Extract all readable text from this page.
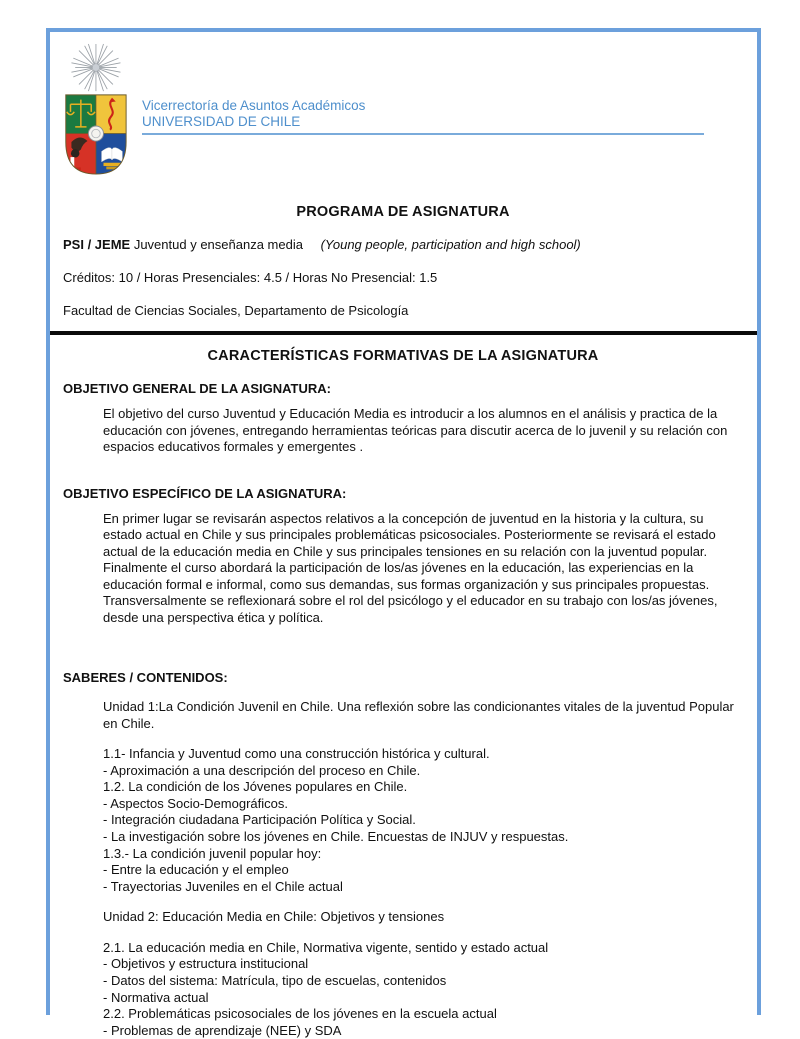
Vicerrectoría de Asuntos Académicos
UNIVERSIDAD DE CHILE
PROGRAMA DE ASIGNATURA
PSI / JEME Juventud y enseñanza media (Young people, participation and high school)
Créditos: 10 / Horas Presenciales: 4.5 / Horas No Presencial: 1.5
Facultad de Ciencias Sociales, Departamento de Psicología
CARACTERÍSTICAS FORMATIVAS DE LA ASIGNATURA
OBJETIVO GENERAL DE LA ASIGNATURA:
El objetivo del curso Juventud y Educación Media es introducir a los alumnos en el análisis y practica de la educación con jóvenes, entregando herramientas teóricas para discutir acerca de lo juvenil y su relación con espacios educativos formales y emergentes .
OBJETIVO ESPECÍFICO DE LA ASIGNATURA:
En primer lugar se revisarán aspectos relativos a la concepción de juventud en la historia y la cultura, su estado actual en Chile y sus principales problemáticas psicosociales. Posteriormente se revisará el estado actual de la educación media en Chile y sus principales tensiones en su relación con la juventud popular. Finalmente el curso abordará la participación de los/as jóvenes en la educación, las experiencias en la educación formal e informal, como sus demandas, sus formas organización y sus principales propuestas. Transversalmente se reflexionará sobre el rol del psicólogo y el educador en su trabajo con los/as jóvenes, desde una perspectiva ética y política.
SABERES / CONTENIDOS:
Unidad 1:La Condición Juvenil en Chile. Una reflexión sobre las condicionantes vitales de la juventud Popular en Chile.
1.1- Infancia y Juventud como una construcción histórica y cultural.
- Aproximación a una descripción del proceso en Chile.
1.2. La condición de los Jóvenes populares en Chile.
- Aspectos Socio-Demográficos.
- Integración ciudadana Participación Política y Social.
- La investigación sobre los jóvenes en Chile. Encuestas de INJUV y respuestas.
1.3.- La condición juvenil popular hoy:
- Entre la educación y el empleo
- Trayectorias Juveniles en el Chile actual
Unidad 2: Educación Media en Chile: Objetivos y tensiones
2.1. La educación media en Chile, Normativa vigente, sentido y estado actual
- Objetivos y estructura institucional
- Datos del sistema: Matrícula, tipo de escuelas, contenidos
- Normativa actual
2.2. Problemáticas psicosociales de los jóvenes en la escuela actual
- Problemas de aprendizaje (NEE) y SDA
